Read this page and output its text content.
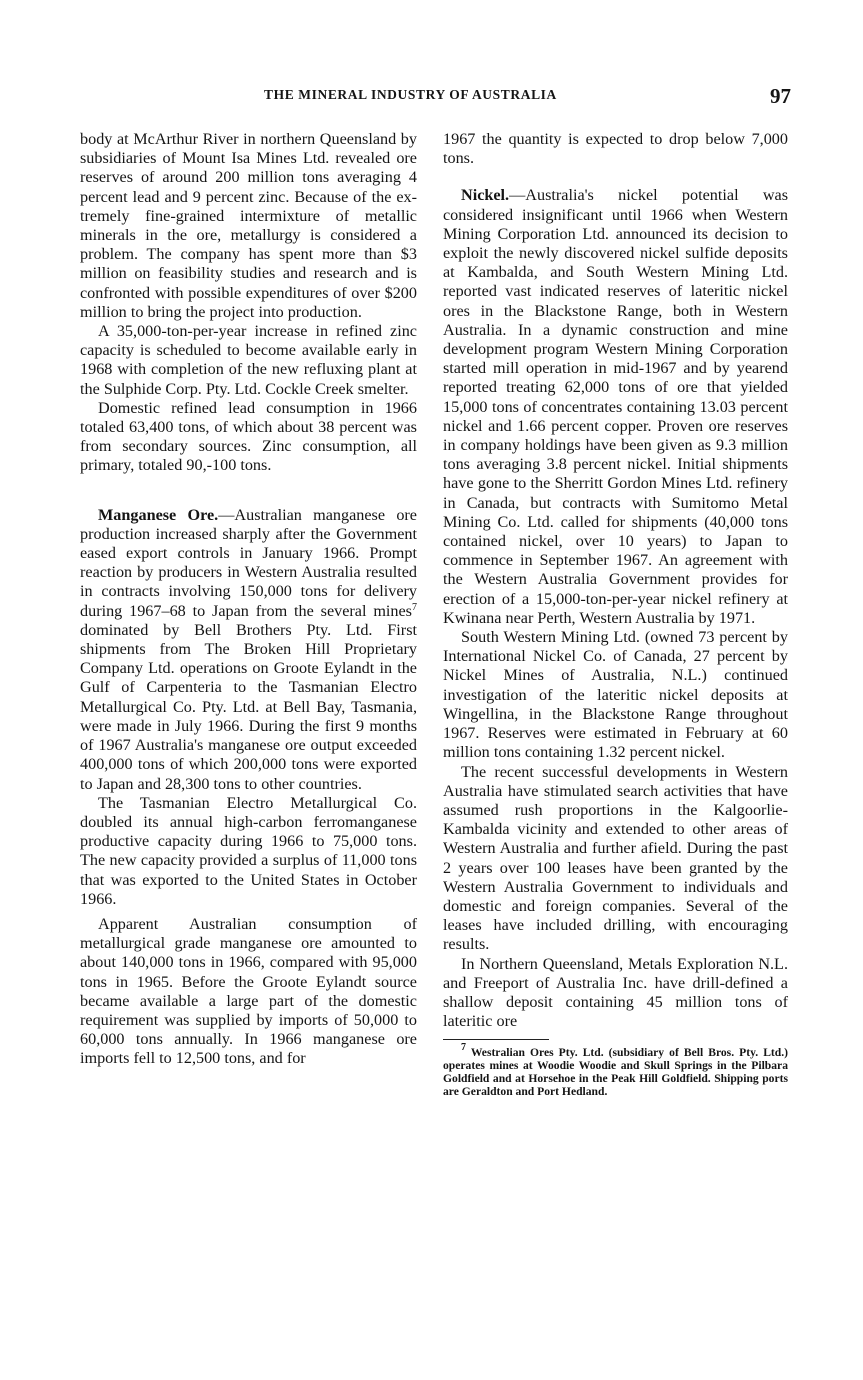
THE MINERAL INDUSTRY OF AUSTRALIA	97

body at McArthur River in northern Queensland by subsidiaries of Mount Isa Mines Ltd. revealed ore reserves of around 200 million tons averaging 4 percent lead and 9 percent zinc. Because of the extremely fine-grained intermixture of metallic minerals in the ore, metallurgy is considered a problem. The company has spent more than $3 million on feasibility studies and research and is confronted with possible expenditures of over $200 million to bring the project into production.

A 35,000-ton-per-year increase in refined zinc capacity is scheduled to become available early in 1968 with completion of the new refluxing plant at the Sulphide Corp. Pty. Ltd. Cockle Creek smelter.

Domestic refined lead consumption in 1966 totaled 63,400 tons, of which about 38 percent was from secondary sources. Zinc consumption, all primary, totaled 90,-100 tons.

Manganese Ore.—Australian manganese ore production increased sharply after the Government eased export controls in January 1966. Prompt reaction by producers in Western Australia resulted in contracts involving 150,000 tons for delivery during 1967–68 to Japan from the several mines$^7$ dominated by Bell Brothers Pty. Ltd. First shipments from The Broken Hill Proprietary Company Ltd. operations on Groote Eylandt in the Gulf of Carpenteria to the Tasmanian Electro Metallurgical Co. Pty. Ltd. at Bell Bay, Tasmania, were made in July 1966. During the first 9 months of 1967 Australia's manganese ore output exceeded 400,000 tons of which 200,000 tons were exported to Japan and 28,300 tons to other countries.

The Tasmanian Electro Metallurgical Co. doubled its annual high-carbon ferromanganese productive capacity during 1966 to 75,000 tons. The new capacity provided a surplus of 11,000 tons that was exported to the United States in October 1966.

Apparent Australian consumption of metallurgical grade manganese ore amounted to about 140,000 tons in 1966, compared with 95,000 tons in 1965. Before the Groote Eylandt source became available a large part of the domestic requirement was supplied by imports of 50,000 to 60,000 tons annually. In 1966 manganese ore imports fell to 12,500 tons, and for

1967 the quantity is expected to drop below 7,000 tons.

Nickel.—Australia's nickel potential was considered insignificant until 1966 when Western Mining Corporation Ltd. announced its decision to exploit the newly discovered nickel sulfide deposits at Kambalda, and South Western Mining Ltd. reported vast indicated reserves of lateritic nickel ores in the Blackstone Range, both in Western Australia. In a dynamic construction and mine development program Western Mining Corporation started mill operation in mid-1967 and by yearend reported treating 62,000 tons of ore that yielded 15,000 tons of concentrates containing 13.03 percent nickel and 1.66 percent copper. Proven ore reserves in company holdings have been given as 9.3 million tons averaging 3.8 percent nickel. Initial shipments have gone to the Sherritt Gordon Mines Ltd. refinery in Canada, but contracts with Sumitomo Metal Mining Co. Ltd. called for shipments (40,000 tons contained nickel, over 10 years) to Japan to commence in September 1967. An agreement with the Western Australia Government provides for erection of a 15,000-ton-per-year nickel refinery at Kwinana near Perth, Western Australia by 1971.

South Western Mining Ltd. (owned 73 percent by International Nickel Co. of Canada, 27 percent by Nickel Mines of Australia, N.L.) continued investigation of the lateritic nickel deposits at Wingellina, in the Blackstone Range throughout 1967. Reserves were estimated in February at 60 million tons containing 1.32 percent nickel.

The recent successful developments in Western Australia have stimulated search activities that have assumed rush proportions in the Kalgoorlie-Kambalda vicinity and extended to other areas of Western Australia and further afield. During the past 2 years over 100 leases have been granted by the Western Australia Government to individuals and domestic and foreign companies. Several of the leases have included drilling, with encouraging results.

In Northern Queensland, Metals Exploration N.L. and Freeport of Australia Inc. have drill-defined a shallow deposit containing 45 million tons of lateritic ore

$^7$ Westralian Ores Pty. Ltd. (subsidiary of Bell Bros. Pty. Ltd.) operates mines at Woodie Woodie and Skull Springs in the Pilbara Goldfield and at Horsehoe in the Peak Hill Goldfield. Shipping ports are Geraldton and Port Hedland.
